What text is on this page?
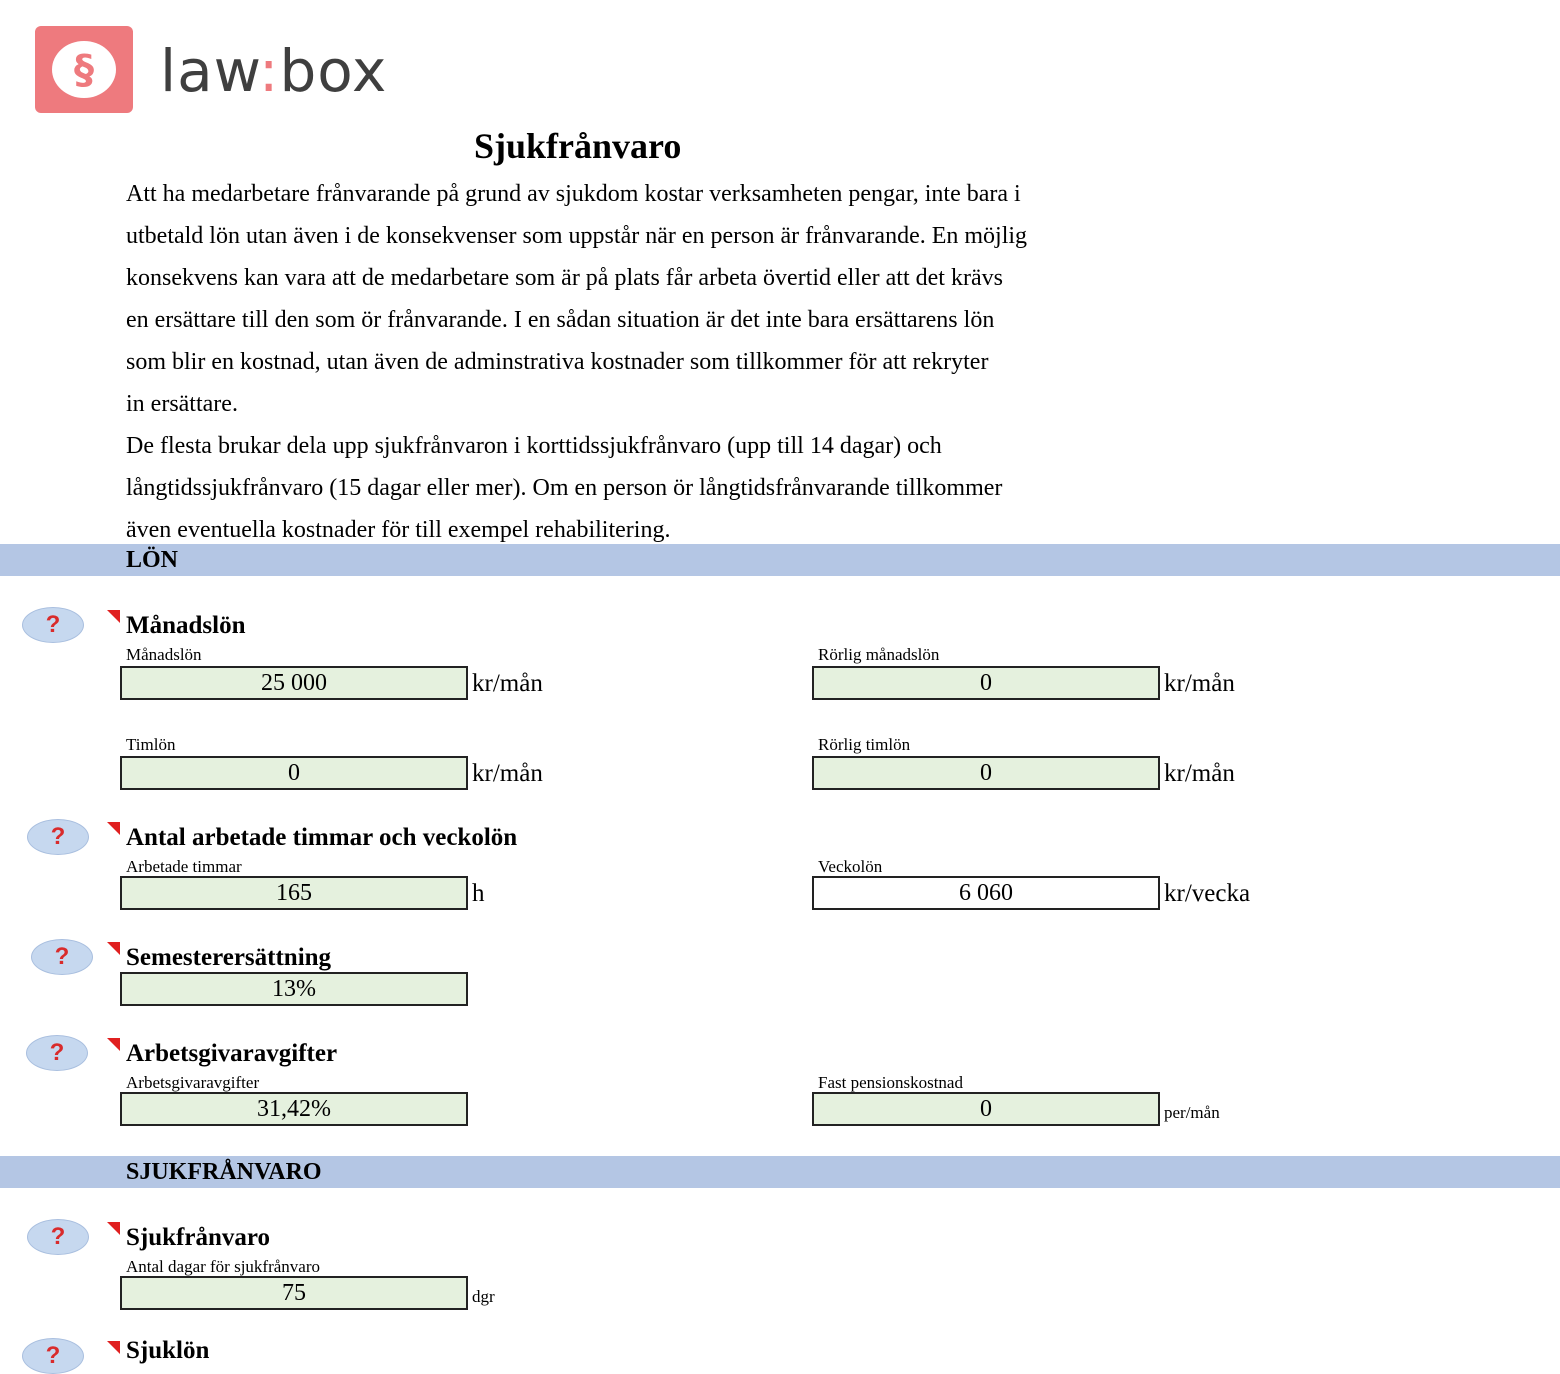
§	law:box
Sjukfrånvaro

Att ha medarbetare frånvarande på grund av sjukdom kostar verksamheten pengar, inte bara i

utbetald lön utan även i de konsekvenser som uppstår när en person är frånvarande. En möjlig

konsekvens kan vara att de medarbetare som är på plats får arbeta övertid eller att det krävs

en ersättare till den som ör frånvarande. I en sådan situation är det inte bara ersättarens lön

som blir en kostnad, utan även de adminstrativa kostnader som tillkommer för att rekryter

in ersättare.

De flesta brukar dela upp sjukfrånvaron i korttidssjukfrånvaro (upp till 14 dagar) och

långtidssjukfrånvaro (15 dagar eller mer). Om en person ör långtidsfrånvarande tillkommer

även eventuella kostnader för till exempel rehabilitering.

LÖN
?	Månadslön
Månadslön
25 000	kr/mån
Rörlig månadslön
0	kr/mån
Timlön
0	kr/mån
Rörlig timlön
0	kr/mån
?	Antal arbetade timmar och veckolön
Arbetade timmar
165	h
Veckolön
6 060	kr/vecka
?	Semesterersättning
13%
?	Arbetsgivaravgifter
Arbetsgivaravgifter
31,42%
Fast pensionskostnad
0	per/mån
SJUKFRÅNVARO
?	Sjukfrånvaro
Antal dagar för sjukfrånvaro
75	dgr
?	Sjuklön
